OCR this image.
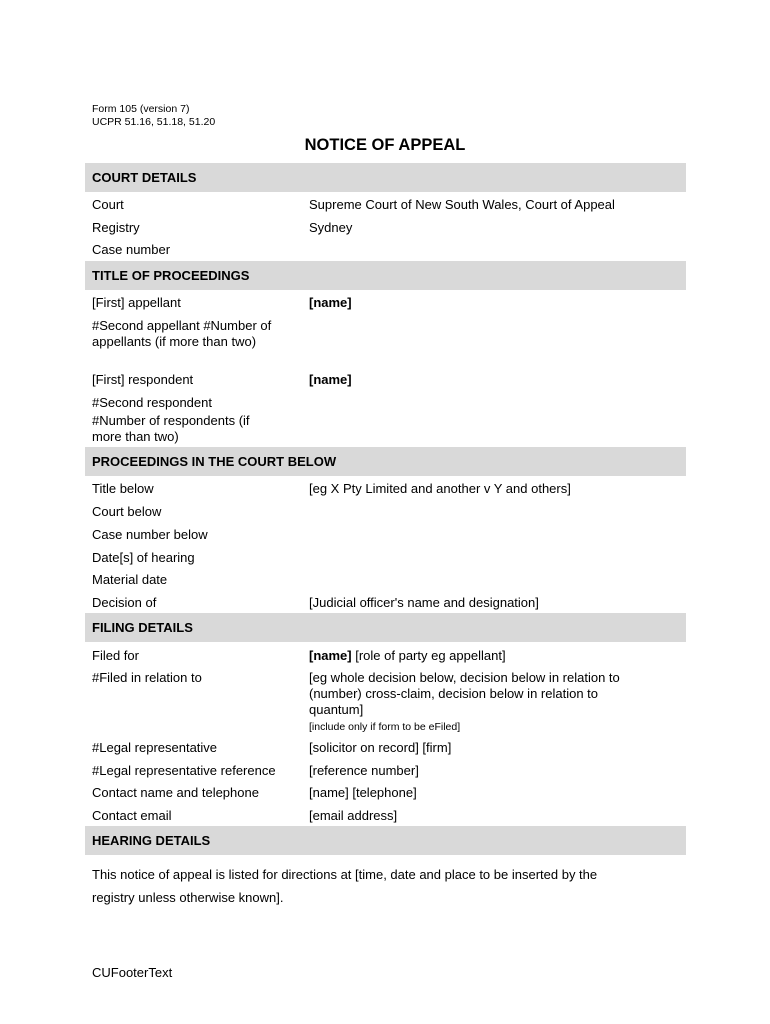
Form 105 (version 7)
UCPR 51.16, 51.18, 51.20
NOTICE OF APPEAL
COURT DETAILS
Court	Supreme Court of New South Wales, Court of Appeal
Registry	Sydney
Case number
TITLE OF PROCEEDINGS
[First] appellant	[name]
#Second appellant #Number of
appellants (if more than two)
[First] respondent	[name]
#Second respondent
#Number of respondents (if
more than two)
PROCEEDINGS IN THE COURT BELOW
Title below	[eg X Pty Limited and another v Y and others]
Court below
Case number below
Date[s] of hearing
Material date
Decision of	[Judicial officer's name and designation]
FILING DETAILS
Filed for	[name] [role of party eg appellant]
#Filed in relation to	[eg whole decision below, decision below in relation to
(number) cross-claim, decision below in relation to
quantum]
[include only if form to be eFiled]
#Legal representative	[solicitor on record] [firm]
#Legal representative reference	[reference number]
Contact name and telephone	[name] [telephone]
Contact email	[email address]
HEARING DETAILS
This notice of appeal is listed for directions at [time, date and place to be inserted by the
registry unless otherwise known].
CUFooterText
